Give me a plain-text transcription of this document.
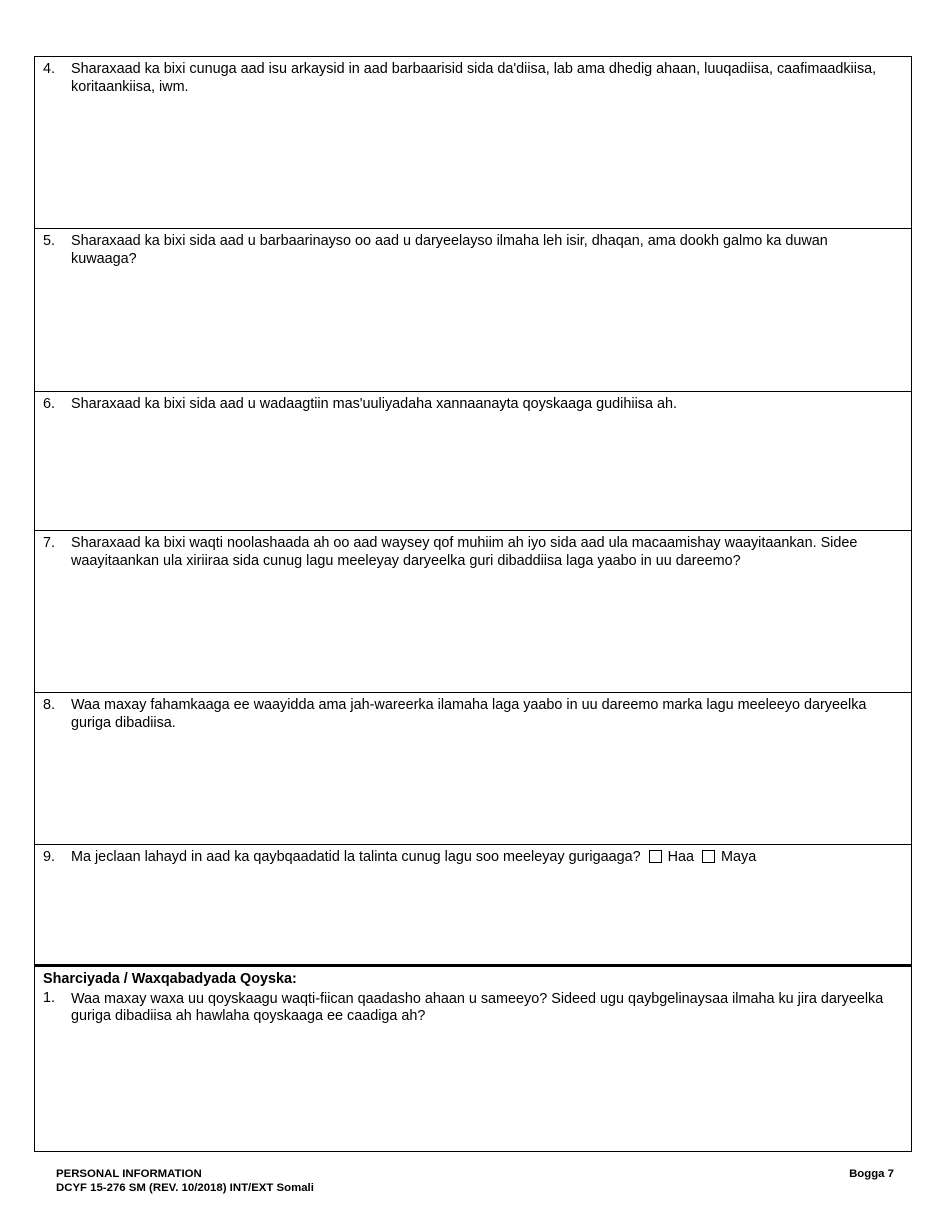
4.	Sharaxaad ka bixi cunuga aad isu arkaysid in aad barbaarisid sida da'diisa, lab ama dhedig ahaan, luuqadiisa, caafimaadkiisa, koritaankiisa, iwm.
5.	Sharaxaad ka bixi sida aad u barbaarinayso oo aad u daryeelayso ilmaha leh isir, dhaqan, ama dookh galmo ka duwan kuwaaga?
6.	Sharaxaad ka bixi sida aad u wadaagtiin mas'uuliyadaha xannaanayta qoyskaaga gudihiisa ah.
7.	Sharaxaad ka bixi waqti noolashaada ah oo aad waysey qof muhiim ah iyo sida aad ula macaamishay waayitaankan. Sidee waayitaankan ula xiriiraa sida cunug lagu meeleyay daryeelka guri dibaddiisa laga yaabo in uu dareemo?
8.	Waa maxay fahamkaaga ee waayidda ama jah-wareerka ilamaha laga yaabo in uu dareemo marka lagu meeleeyo daryeelka guriga dibadiisa.
9.	Ma jeclaan lahayd in aad ka qaybqaadatid la talinta cunug lagu soo meeleyay gurigaaga? Haa Maya
Sharciyada / Waxqabadyada Qoyska:
1.	Waa maxay waxa uu qoyskaagu waqti-fiican qaadasho ahaan u sameeyo? Sideed ugu qaybgelinaysaa ilmaha ku jira daryeelka guriga dibadiisa ah hawlaha qoyskaaga ee caadiga ah?
PERSONAL INFORMATION
DCYF 15-276 SM (REV. 10/2018) INT/EXT Somali
Bogga 7
